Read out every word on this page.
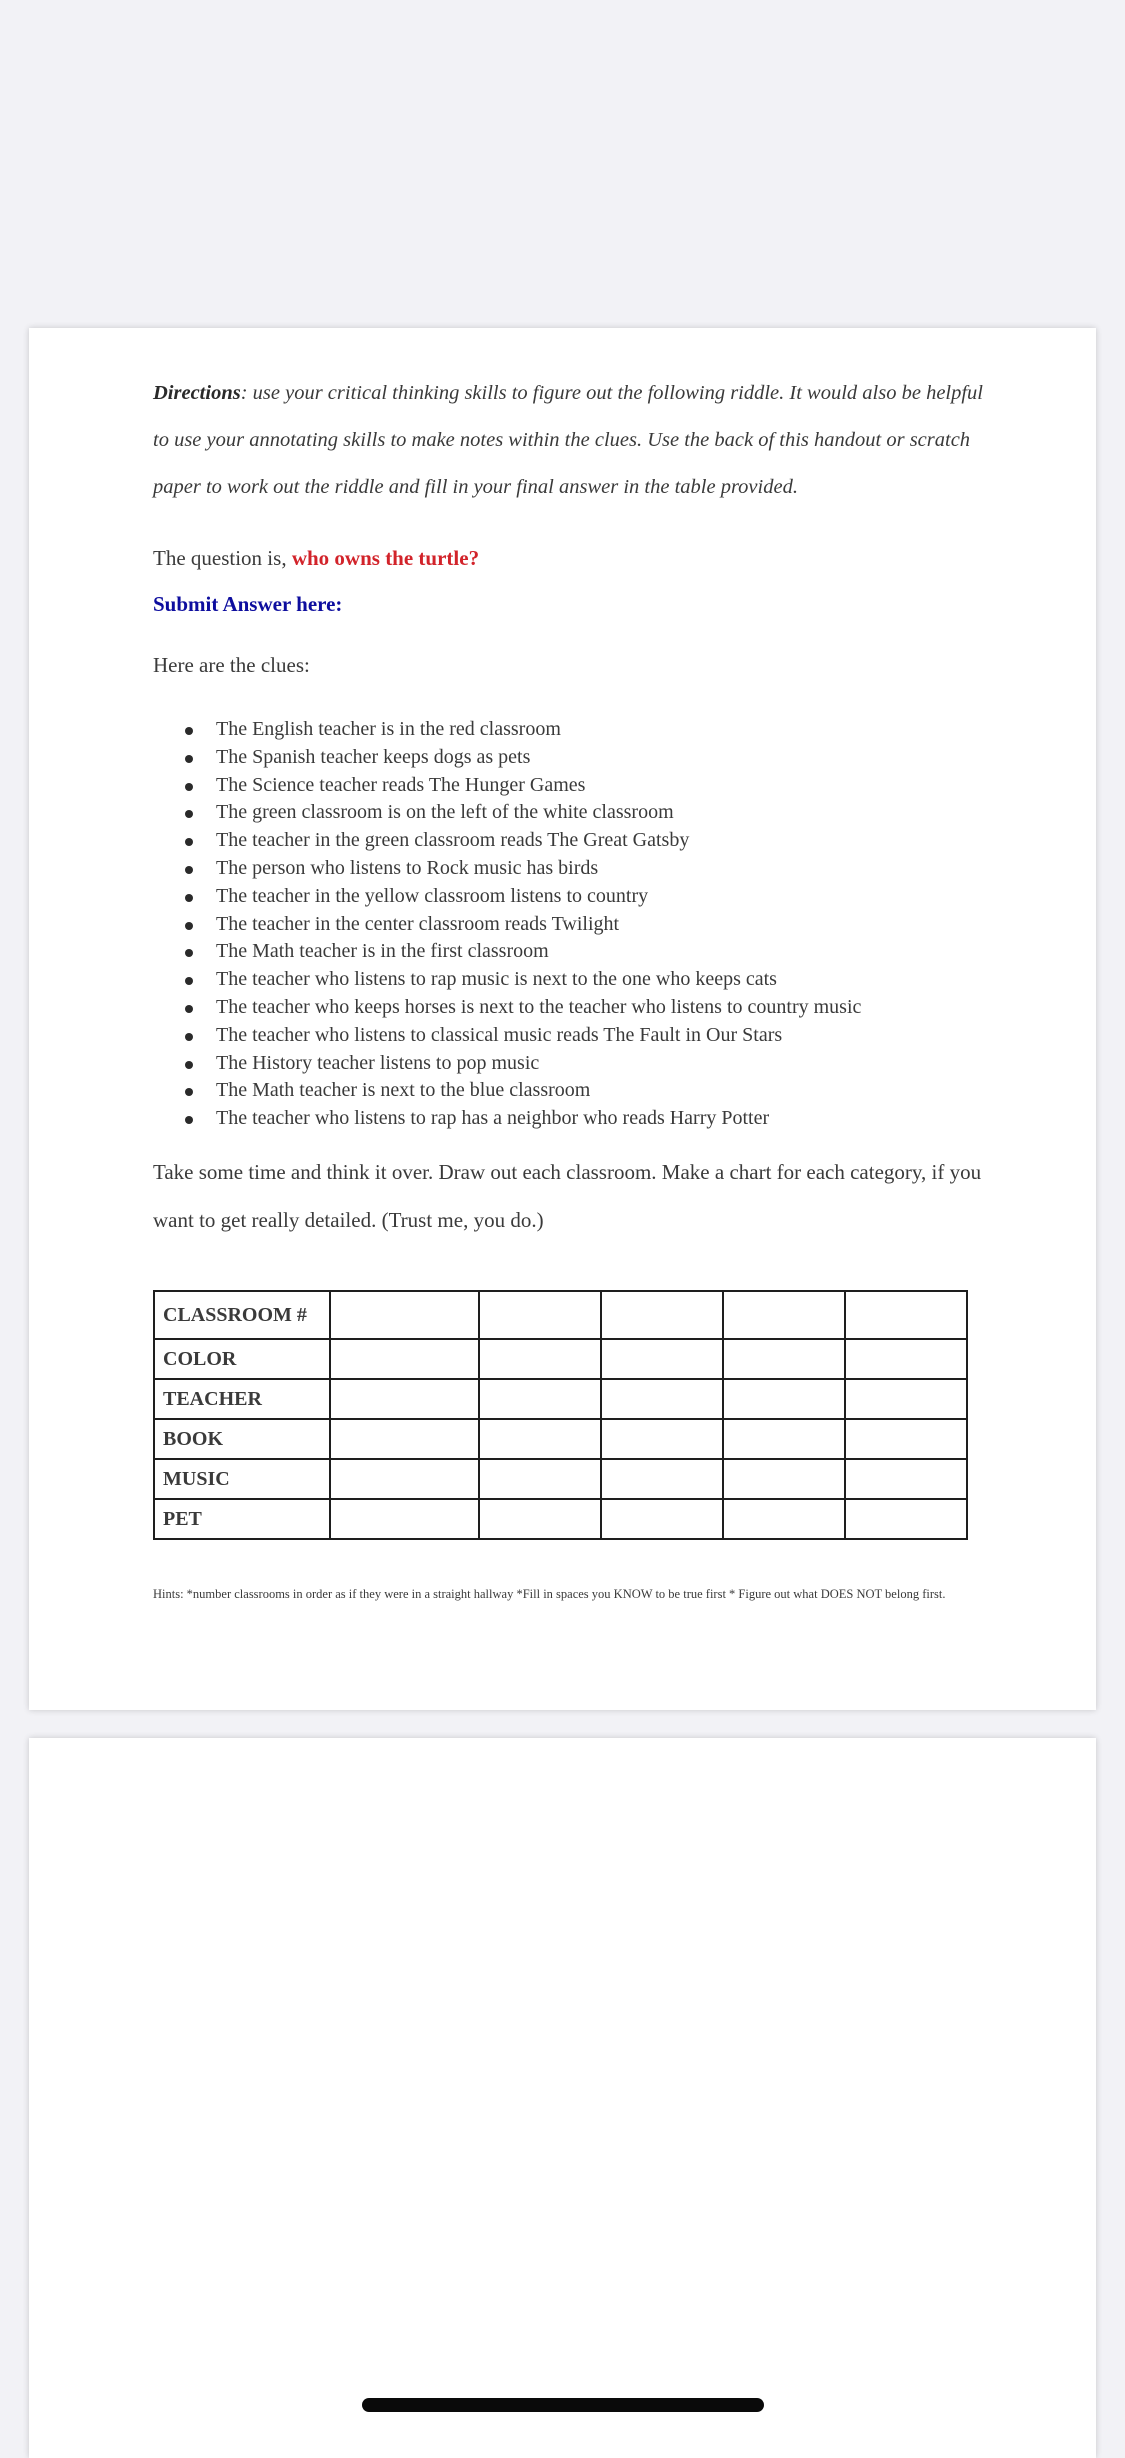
Directions: use your critical thinking skills to figure out the following riddle. It would also be helpful to use your annotating skills to make notes within the clues. Use the back of this handout or scratch paper to work out the riddle and fill in your final answer in the table provided.

The question is, who owns the turtle?

Submit Answer here:

Here are the clues:

The English teacher is in the red classroom
The Spanish teacher keeps dogs as pets
The Science teacher reads The Hunger Games
The green classroom is on the left of the white classroom
The teacher in the green classroom reads The Great Gatsby
The person who listens to Rock music has birds
The teacher in the yellow classroom listens to country
The teacher in the center classroom reads Twilight
The Math teacher is in the first classroom
The teacher who listens to rap music is next to the one who keeps cats
The teacher who keeps horses is next to the teacher who listens to country music
The teacher who listens to classical music reads The Fault in Our Stars
The History teacher listens to pop music
The Math teacher is next to the blue classroom
The teacher who listens to rap has a neighbor who reads Harry Potter

Take some time and think it over. Draw out each classroom. Make a chart for each category, if you want to get really detailed. (Trust me, you do.)

CLASSROOM #					
COLOR					
TEACHER					
BOOK					
MUSIC					
PET					

Hints: *number classrooms in order as if they were in a straight hallway *Fill in spaces you KNOW to be true first * Figure out what DOES NOT belong first.
